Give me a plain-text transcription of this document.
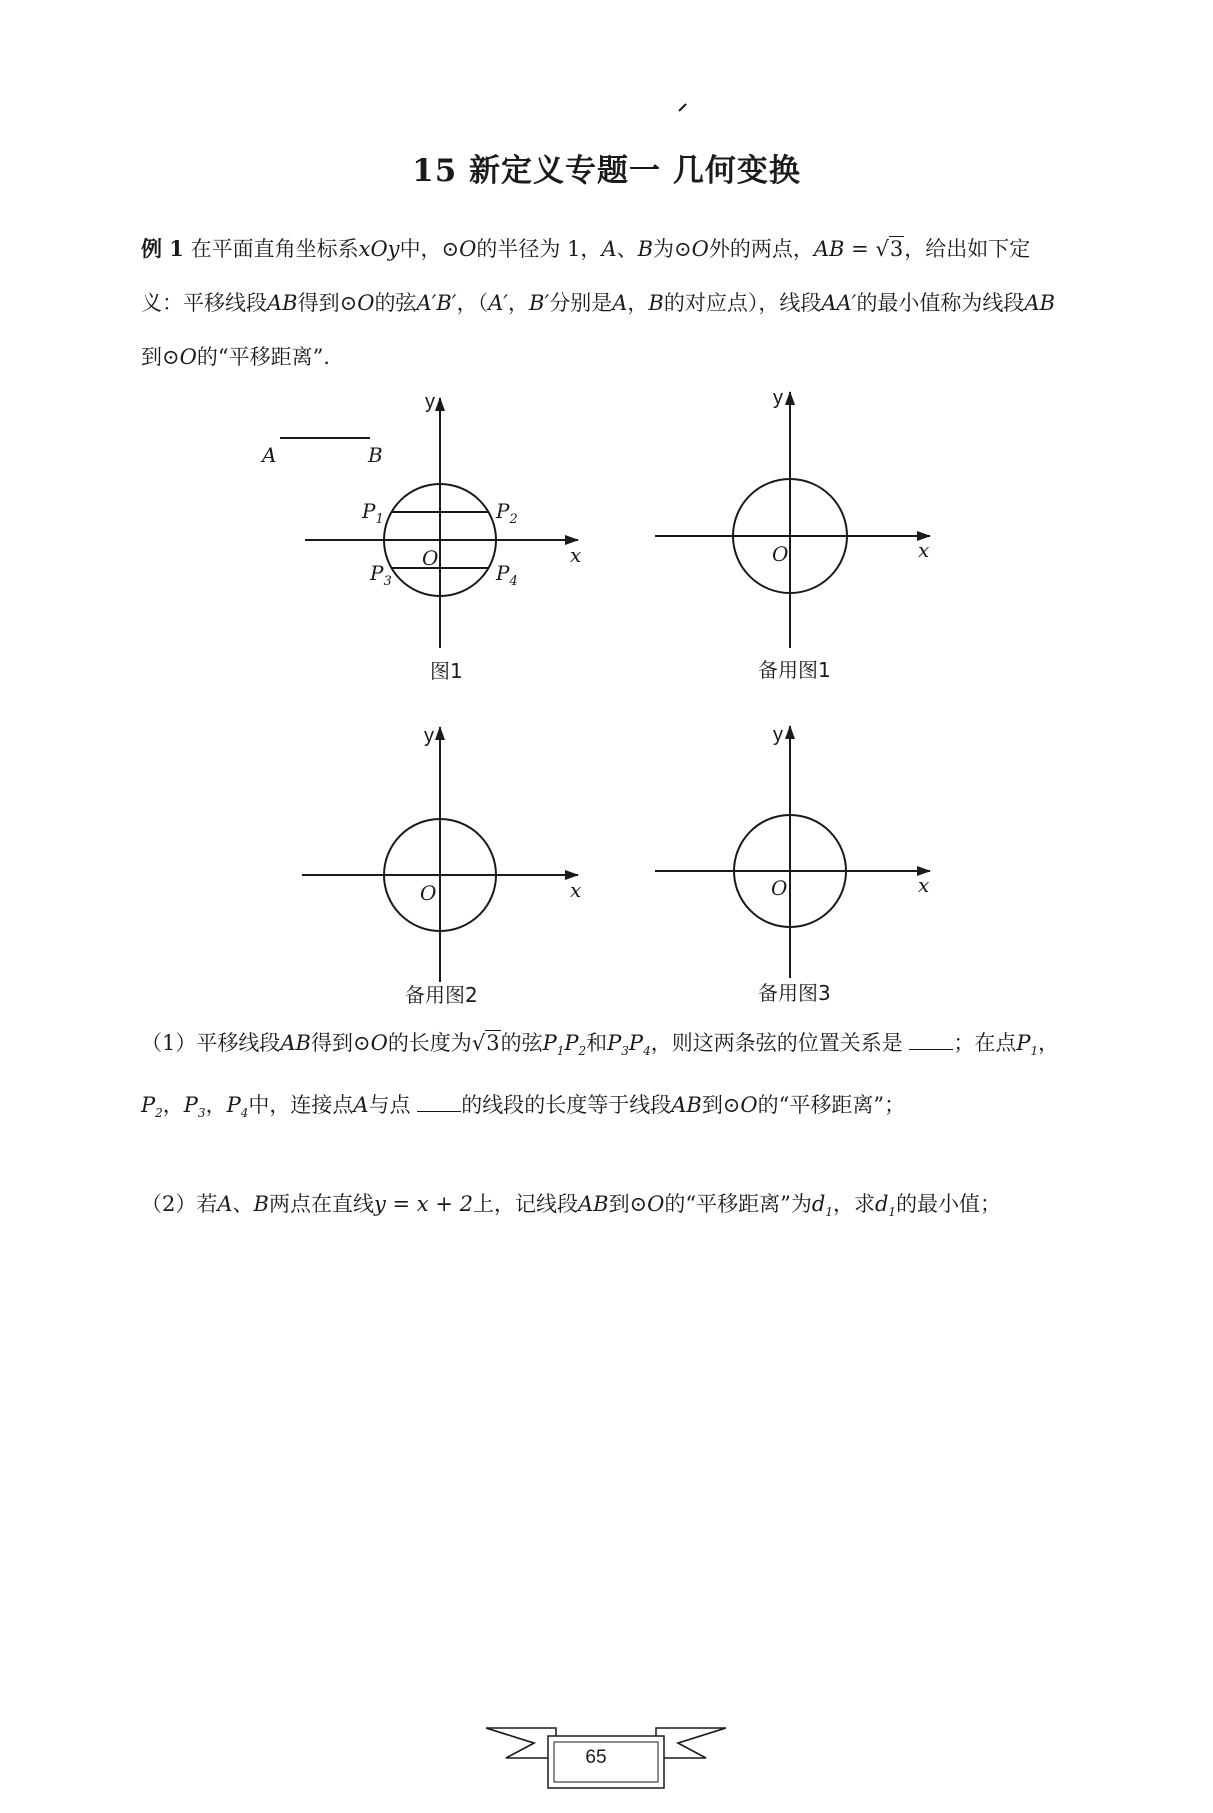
15 新定义专题一 几何变换

例 1 在平面直角坐标系xOy中，⊙O的半径为 1，A、B为⊙O外的两点，AB = √3，给出如下定义：平移线段AB得到⊙O的弦A′B′，（A′，B′分别是A，B的对应点），线段AA′的最小值称为线段AB到⊙O的“平移距离”.

A	B
y
x
O
$P_1$	$P_2$
$P_3$	$P_4$
图1
y
x
O
备用图1
y
x
O
备用图2
y
x
O
备用图3

（1）平移线段AB得到⊙O的长度为√3的弦$P_1P_2$和$P_3P_4$，则这两条弦的位置关系是 ；在点$P_1$，$P_2$，$P_3$，$P_4$中，连接点A与点 的线段的长度等于线段AB到⊙O的“平移距离”；

（2）若A、B两点在直线y = x + 2上，记线段AB到⊙O的“平移距离”为$d_1$，求$d_1$的最小值；

65
